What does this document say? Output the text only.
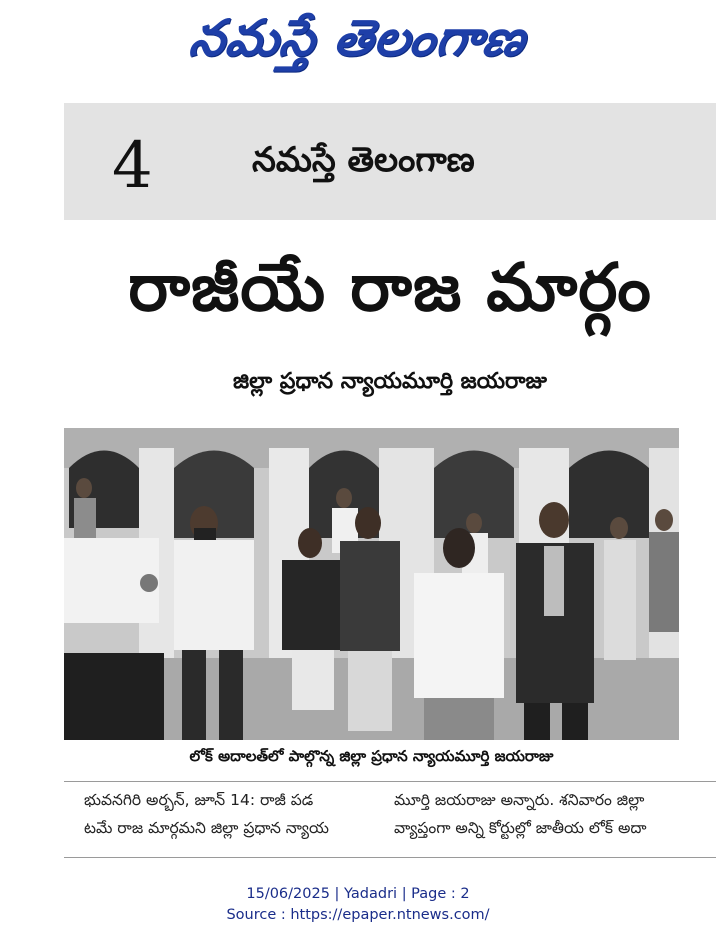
నమస్తే తెలంగాణ
4	నమస్తే తెలంగాణ
రాజీయే రాజ మార్గం
జిల్లా ప్రధాన న్యాయమూర్తి జయరాజు
లోక్ అదాలత్‌లో పాల్గొన్న జిల్లా ప్రధాన న్యాయమూర్తి జయరాజు
భువనగిరి అర్బన్, జూన్ 14: రాజీ పడ
టమే రాజ మార్గమని జిల్లా ప్రధాన న్యాయ
మూర్తి జయరాజు అన్నారు. శనివారం జిల్లా
వ్యాప్తంగా అన్ని కోర్టుల్లో జాతీయ లోక్ అదా
15/06/2025 | Yadadri | Page : 2
Source : https://epaper.ntnews.com/
